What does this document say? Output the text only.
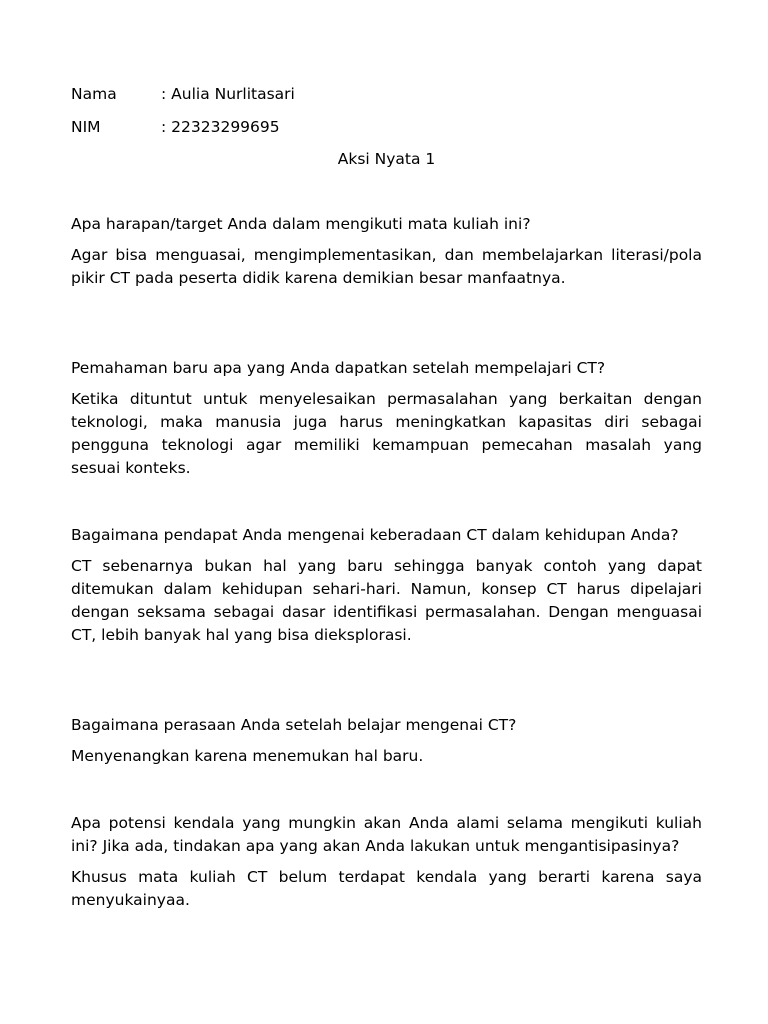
Nama	: Aulia Nurlitasari
NIM	: 22323299695
Aksi Nyata 1

Apa harapan/target Anda dalam mengikuti mata kuliah ini?

Agar bisa menguasai, mengimplementasikan, dan membelajarkan literasi/pola pikir CT pada peserta didik karena demikian besar manfaatnya.

Pemahaman baru apa yang Anda dapatkan setelah mempelajari CT?

Ketika dituntut untuk menyelesaikan permasalahan yang berkaitan dengan teknologi, maka manusia juga harus meningkatkan kapasitas diri sebagai pengguna teknologi agar memiliki kemampuan pemecahan masalah yang sesuai konteks.

Bagaimana pendapat Anda mengenai keberadaan CT dalam kehidupan Anda?

CT sebenarnya bukan hal yang baru sehingga banyak contoh yang dapat ditemukan dalam kehidupan sehari-hari. Namun, konsep CT harus dipelajari dengan seksama sebagai dasar identifikasi permasalahan. Dengan menguasai CT, lebih banyak hal yang bisa dieksplorasi.

Bagaimana perasaan Anda setelah belajar mengenai CT?

Menyenangkan karena menemukan hal baru.

Apa potensi kendala yang mungkin akan Anda alami selama mengikuti kuliah ini? Jika ada, tindakan apa yang akan Anda lakukan untuk mengantisipasinya?

Khusus mata kuliah CT belum terdapat kendala yang berarti karena saya menyukainyaa.
